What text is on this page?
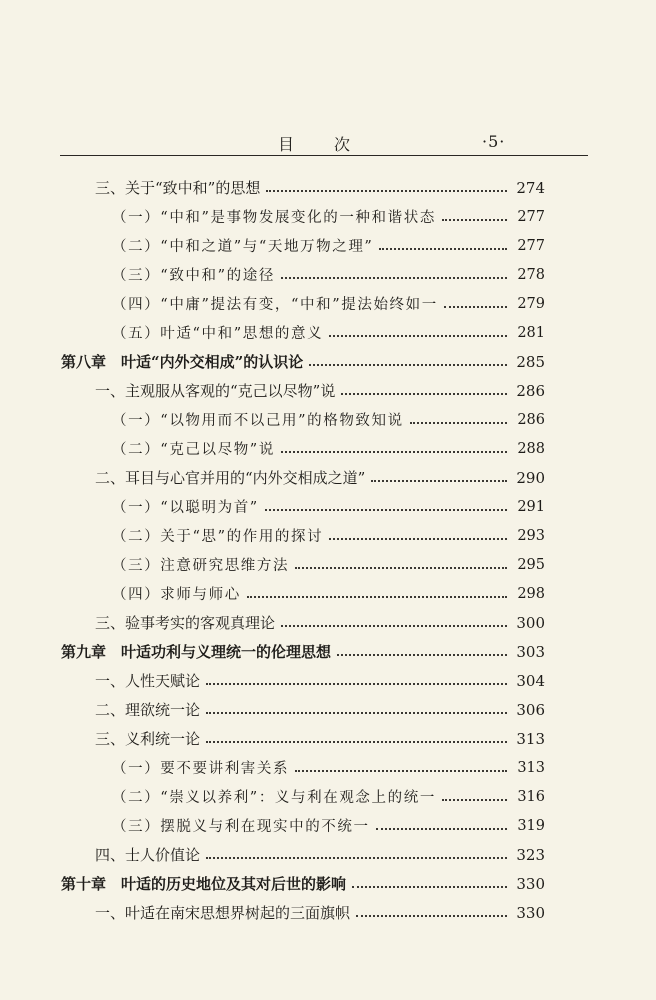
目 次	·5·
三、关于“致中和”的思想	274
（一）“中和”是事物发展变化的一种和谐状态	277
（二）“中和之道”与“天地万物之理”	277
（三）“致中和”的途径	278
（四）“中庸”提法有变，“中和”提法始终如一	279
（五）叶适“中和”思想的意义	281
第八章　叶适“内外交相成”的认识论	285
一、主观服从客观的“克己以尽物”说	286
（一）“以物用而不以己用”的格物致知说	286
（二）“克己以尽物”说	288
二、耳目与心官并用的“内外交相成之道”	290
（一）“以聪明为首”	291
（二）关于“思”的作用的探讨	293
（三）注意研究思维方法	295
（四）求师与师心	298
三、验事考实的客观真理论	300
第九章　叶适功利与义理统一的伦理思想	303
一、人性天赋论	304
二、理欲统一论	306
三、义利统一论	313
（一）要不要讲利害关系	313
（二）“崇义以养利”：义与利在观念上的统一	316
（三）摆脱义与利在现实中的不统一	319
四、士人价值论	323
第十章　叶适的历史地位及其对后世的影响	330
一、叶适在南宋思想界树起的三面旗帜	330
